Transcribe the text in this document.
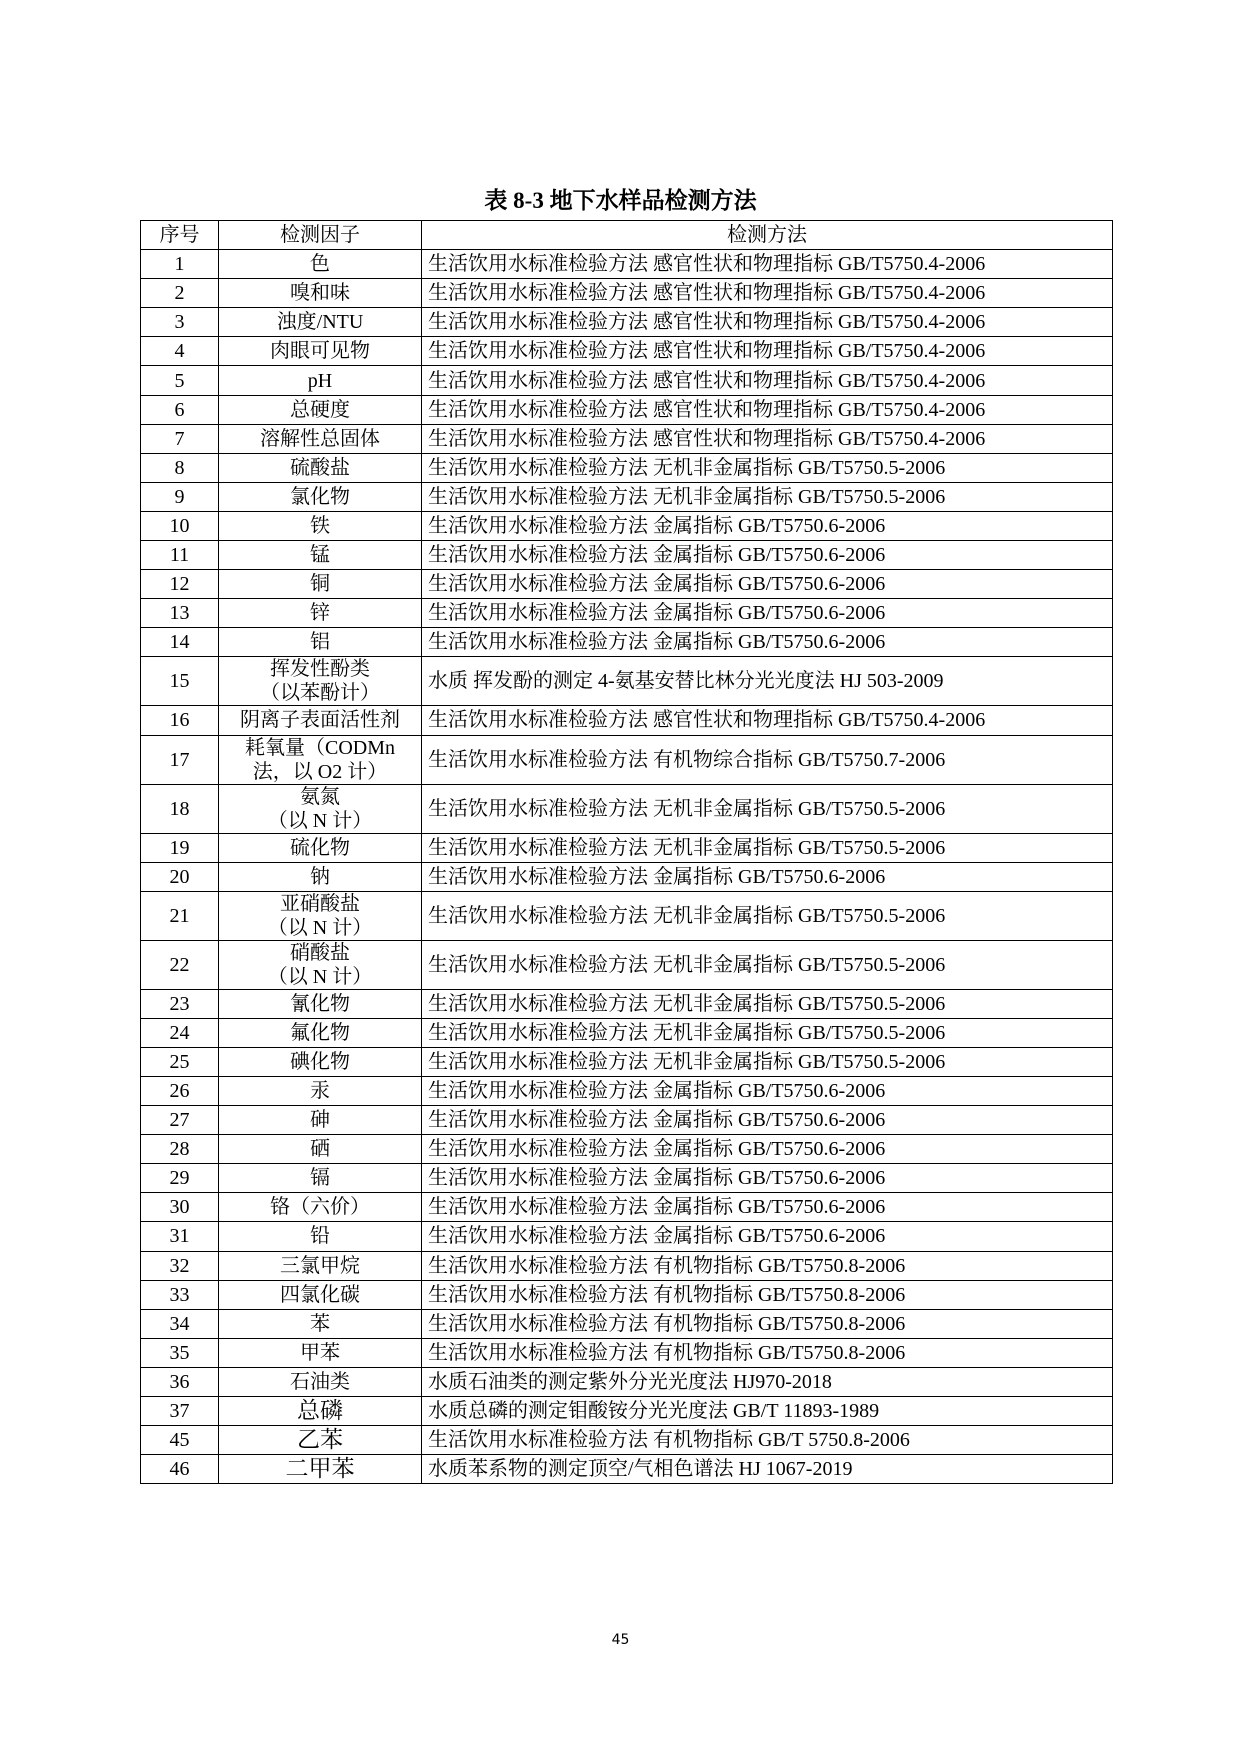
表 8-3 地下水样品检测方法
序号	检测因子	检测方法
1	色	生活饮用水标准检验方法 感官性状和物理指标 GB/T5750.4-2006
2	嗅和味	生活饮用水标准检验方法 感官性状和物理指标 GB/T5750.4-2006
3	浊度/NTU	生活饮用水标准检验方法 感官性状和物理指标 GB/T5750.4-2006
4	肉眼可见物	生活饮用水标准检验方法 感官性状和物理指标 GB/T5750.4-2006
5	pH	生活饮用水标准检验方法 感官性状和物理指标 GB/T5750.4-2006
6	总硬度	生活饮用水标准检验方法 感官性状和物理指标 GB/T5750.4-2006
7	溶解性总固体	生活饮用水标准检验方法 感官性状和物理指标 GB/T5750.4-2006
8	硫酸盐	生活饮用水标准检验方法 无机非金属指标 GB/T5750.5-2006
9	氯化物	生活饮用水标准检验方法 无机非金属指标 GB/T5750.5-2006
10	铁	生活饮用水标准检验方法 金属指标 GB/T5750.6-2006
11	锰	生活饮用水标准检验方法 金属指标 GB/T5750.6-2006
12	铜	生活饮用水标准检验方法 金属指标 GB/T5750.6-2006
13	锌	生活饮用水标准检验方法 金属指标 GB/T5750.6-2006
14	铝	生活饮用水标准检验方法 金属指标 GB/T5750.6-2006
15	挥发性酚类
（以苯酚计）	水质 挥发酚的测定 4-氨基安替比林分光光度法 HJ 503-2009
16	阴离子表面活性剂	生活饮用水标准检验方法 感官性状和物理指标 GB/T5750.4-2006
17	耗氧量（CODMn
法，以 O2 计）	生活饮用水标准检验方法 有机物综合指标 GB/T5750.7-2006
18	氨氮
（以 N 计）	生活饮用水标准检验方法 无机非金属指标 GB/T5750.5-2006
19	硫化物	生活饮用水标准检验方法 无机非金属指标 GB/T5750.5-2006
20	钠	生活饮用水标准检验方法 金属指标 GB/T5750.6-2006
21	亚硝酸盐
（以 N 计）	生活饮用水标准检验方法 无机非金属指标 GB/T5750.5-2006
22	硝酸盐
（以 N 计）	生活饮用水标准检验方法 无机非金属指标 GB/T5750.5-2006
23	氰化物	生活饮用水标准检验方法 无机非金属指标 GB/T5750.5-2006
24	氟化物	生活饮用水标准检验方法 无机非金属指标 GB/T5750.5-2006
25	碘化物	生活饮用水标准检验方法 无机非金属指标 GB/T5750.5-2006
26	汞	生活饮用水标准检验方法 金属指标 GB/T5750.6-2006
27	砷	生活饮用水标准检验方法 金属指标 GB/T5750.6-2006
28	硒	生活饮用水标准检验方法 金属指标 GB/T5750.6-2006
29	镉	生活饮用水标准检验方法 金属指标 GB/T5750.6-2006
30	铬（六价）	生活饮用水标准检验方法 金属指标 GB/T5750.6-2006
31	铅	生活饮用水标准检验方法 金属指标 GB/T5750.6-2006
32	三氯甲烷	生活饮用水标准检验方法 有机物指标 GB/T5750.8-2006
33	四氯化碳	生活饮用水标准检验方法 有机物指标 GB/T5750.8-2006
34	苯	生活饮用水标准检验方法 有机物指标 GB/T5750.8-2006
35	甲苯	生活饮用水标准检验方法 有机物指标 GB/T5750.8-2006
36	石油类	水质石油类的测定紫外分光光度法 HJ970-2018
37	总磷	水质总磷的测定钼酸铵分光光度法 GB/T 11893-1989
45	乙苯	生活饮用水标准检验方法 有机物指标 GB/T 5750.8-2006
46	二甲苯	水质苯系物的测定顶空/气相色谱法 HJ 1067-2019
45
